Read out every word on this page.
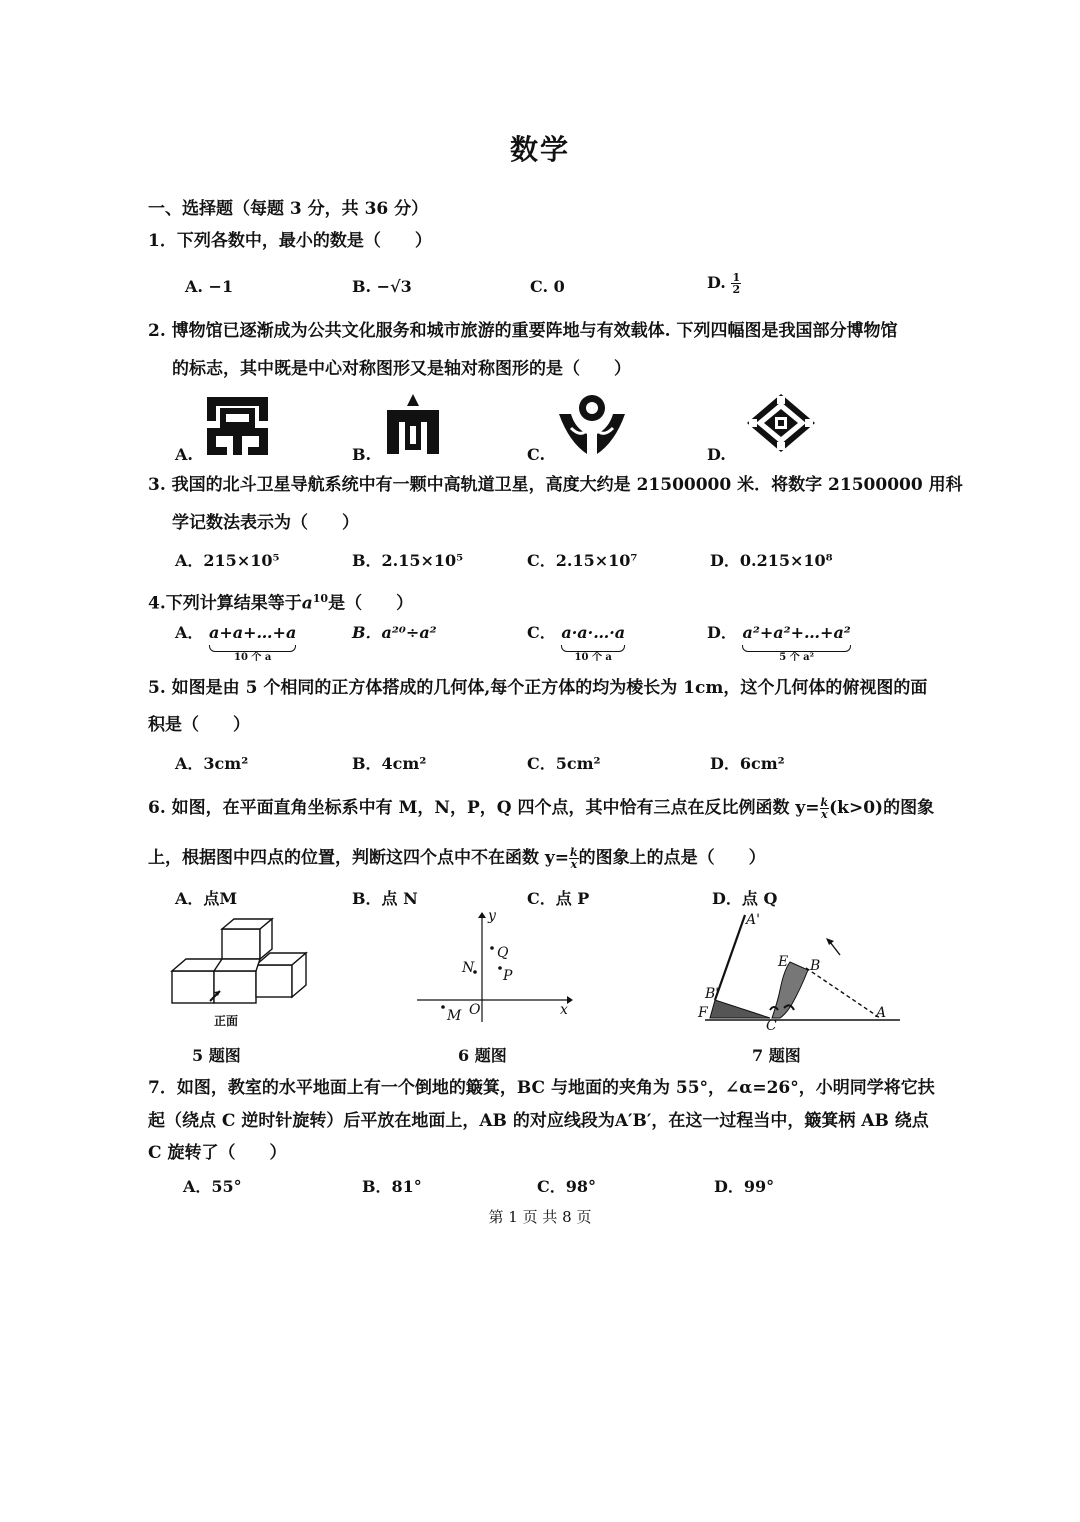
数学
一、选择题（每题 3 分，共 36 分）
1．下列各数中，最小的数是（　　）
A. −1	B. −√3	C. 0	D. $\frac{1}{2}$
2. 博物馆已逐渐成为公共文化服务和城市旅游的重要阵地与有效载体. 下列四幅图是我国部分博物馆
的标志，其中既是中心对称图形又是轴对称图形的是（　　）
A.	B.	C.	D.
3. 我国的北斗卫星导航系统中有一颗中高轨道卫星，高度大约是 21500000 米．将数字 21500000 用科
学记数法表示为（　　）
A．215×10⁵	B．2.15×10⁵	C．2.15×10⁷	D．0.215×10⁸
4.下列计算结果等于$a^{10}$是（　　）
A． a+a+…+a
10 个 a
B．a²⁰÷a²	C． a·a·…·a
10 个 a
D． a²+a²+…+a²
5 个 a²
5. 如图是由 5 个相同的正方体搭成的几何体,每个正方体的均为棱长为 1cm，这个几何体的俯视图的面
积是（　　）
A．3cm²	B．4cm²	C．5cm²	D．6cm²
6. 如图，在平面直角坐标系中有 M，N，P，Q 四个点，其中恰有三点在反比例函数 $y= \frac{k}{x} (k>0)$的图象
上，根据图中四点的位置，判断这四个点中不在函数 $y= \frac{k}{x}$ 的图象上的点是（　　）
A．点M	B．点 N	C．点 P	D．点 Q
正面
5 题图
y
x
O
N
Q
P
M
6 题图
A'
B'
E B
F
C
A
7 题图
7．如图，教室的水平地面上有一个倒地的簸箕，BC 与地面的夹角为 55°，∠α=26°，小明同学将它扶
起（绕点 C 逆时针旋转）后平放在地面上，AB 的对应线段为A′B′，在这一过程当中，簸箕柄 AB 绕点
C 旋转了（　　）
A．55°	B．81°	C．98°	D．99°
第 1 页 共 8 页
